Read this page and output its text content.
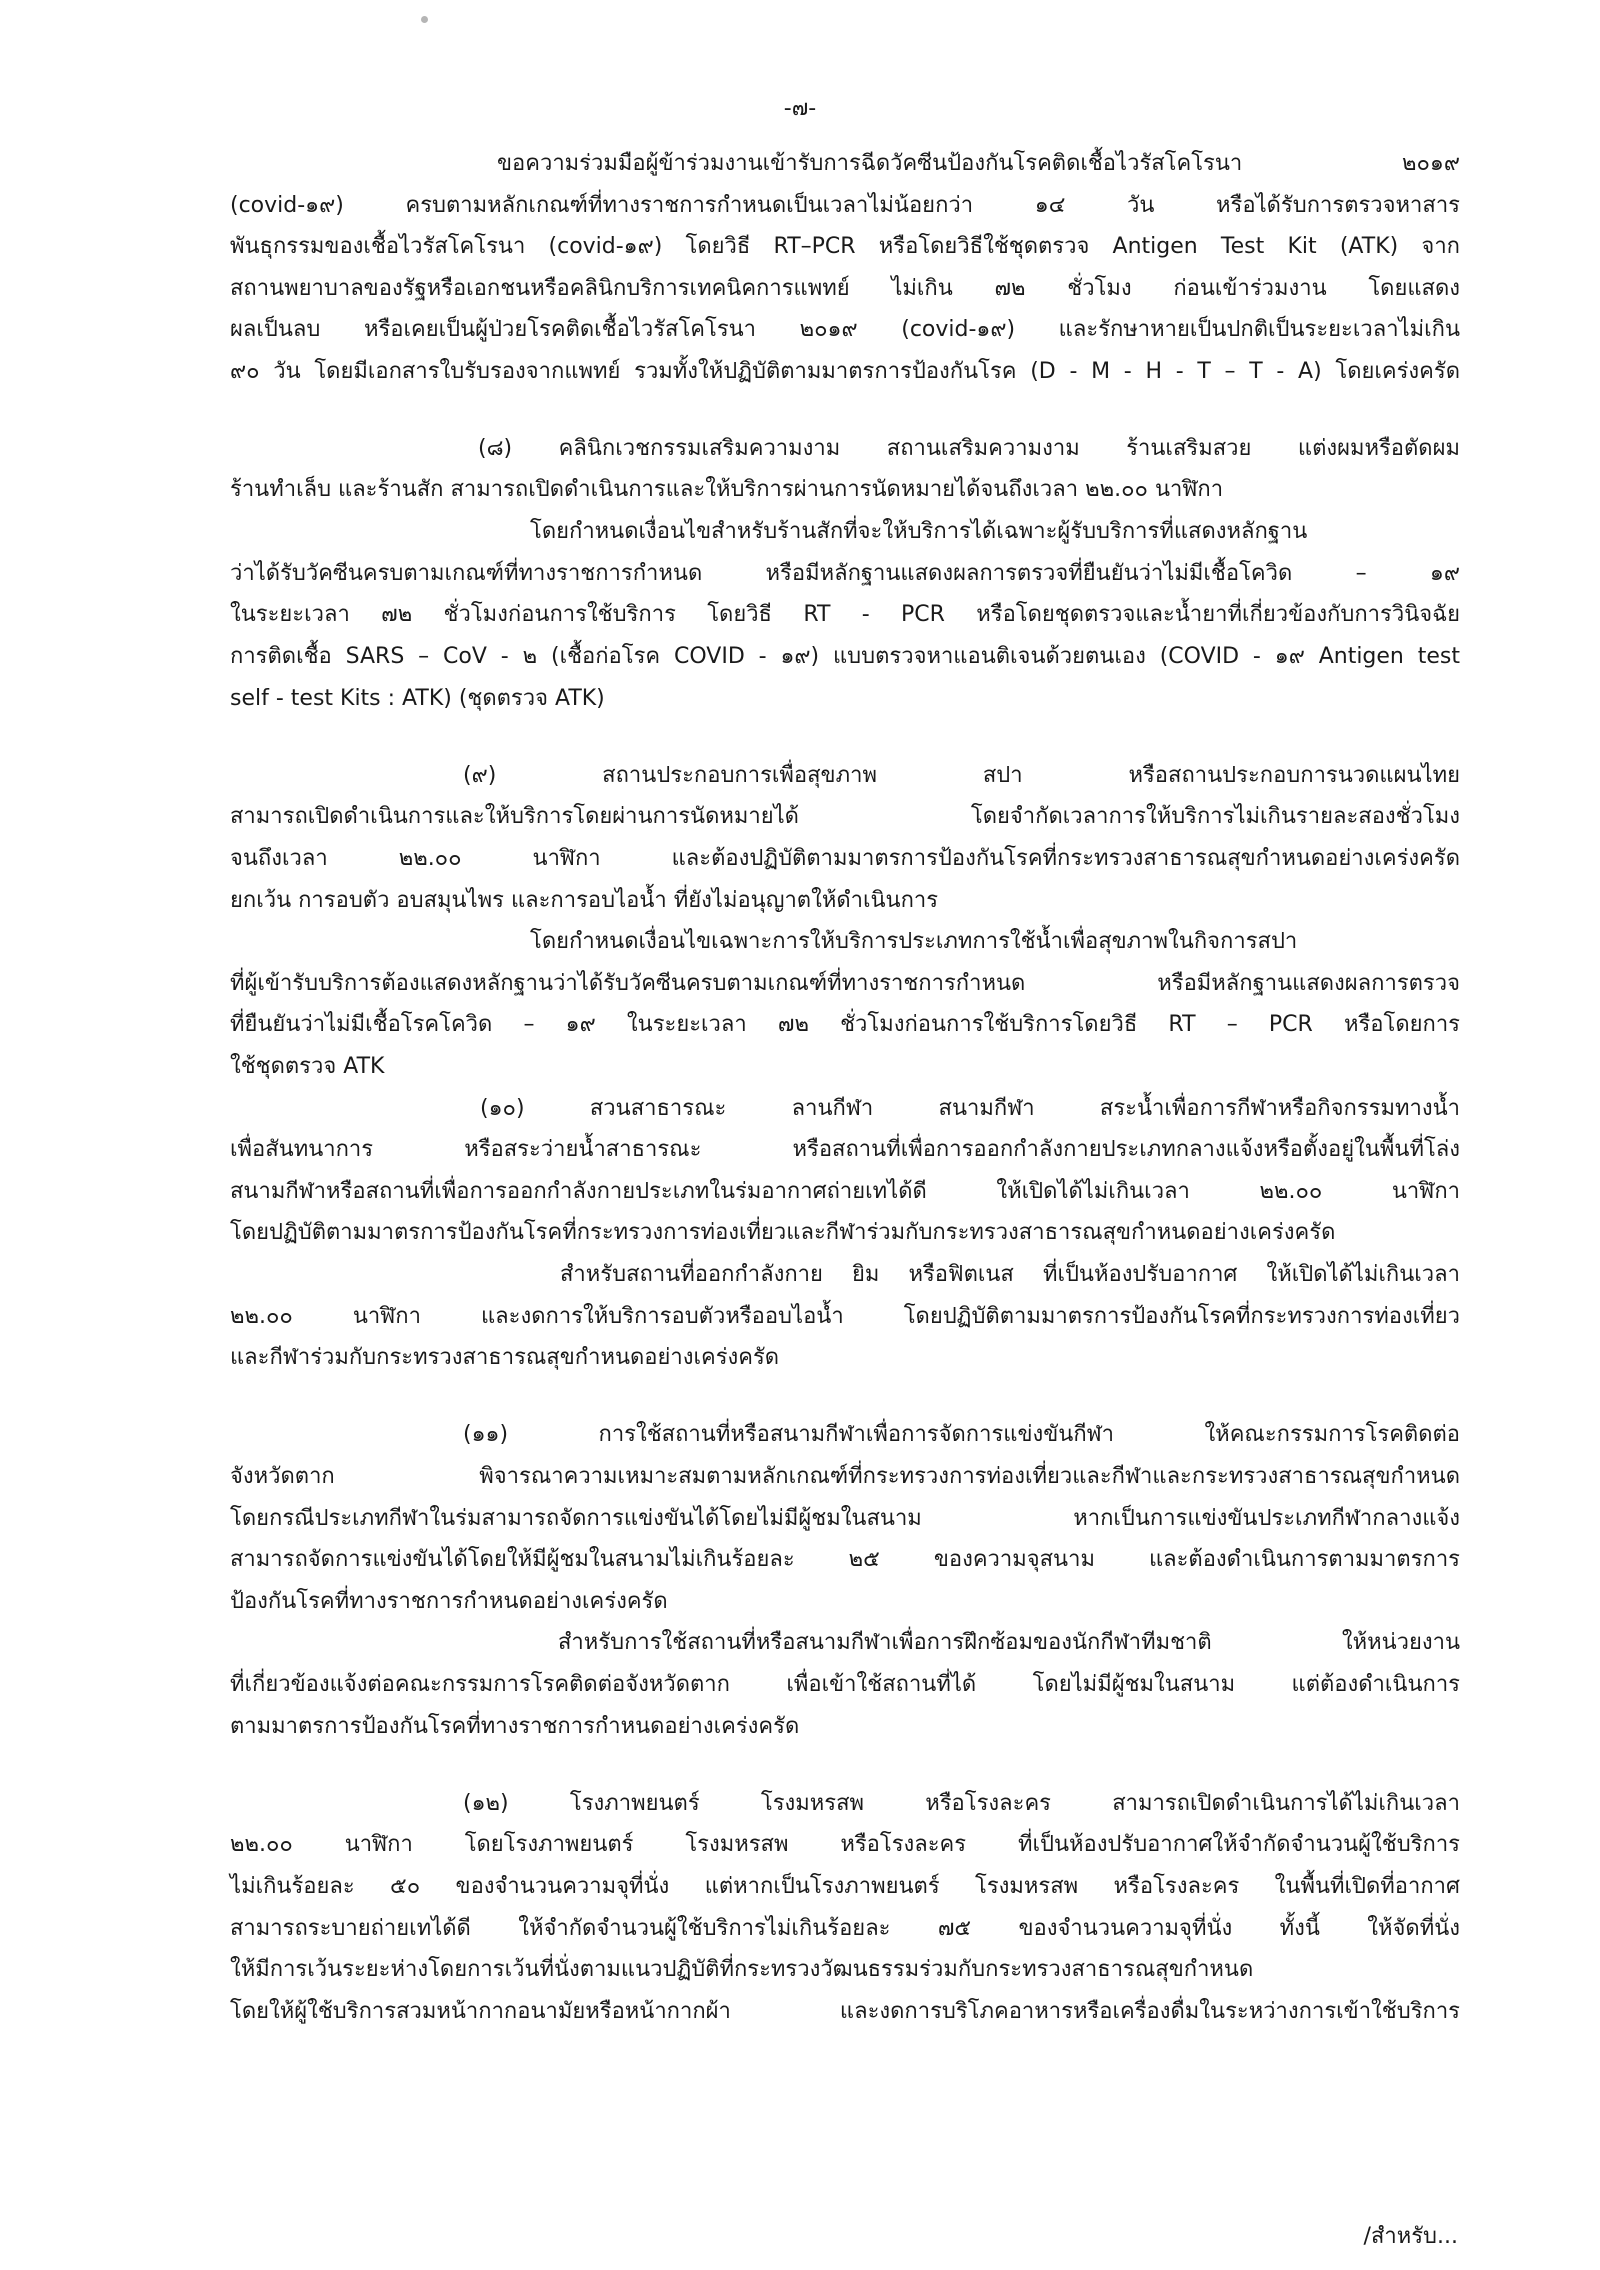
-๗-
ขอความร่วมมือผู้ข้าร่วมงานเข้ารับการฉีดวัคซีนป้องกันโรคติดเชื้อไวรัสโคโรนา ๒๐๑๙
(covid-๑๙) ครบตามหลักเกณฑ์ที่ทางราชการกำหนดเป็นเวลาไม่น้อยกว่า ๑๔ วัน หรือได้รับการตรวจหาสาร
พันธุกรรมของเชื้อไวรัสโคโรนา (covid-๑๙) โดยวิธี RT–PCR หรือโดยวิธีใช้ชุดตรวจ Antigen Test Kit (ATK) จาก
สถานพยาบาลของรัฐหรือเอกชนหรือคลินิกบริการเทคนิคการแพทย์ ไม่เกิน ๗๒ ชั่วโมง ก่อนเข้าร่วมงาน โดยแสดง
ผลเป็นลบ หรือเคยเป็นผู้ป่วยโรคติดเชื้อไวรัสโคโรนา ๒๐๑๙ (covid-๑๙) และรักษาหายเป็นปกติเป็นระยะเวลาไม่เกิน
๙๐ วัน โดยมีเอกสารใบรับรองจากแพทย์ รวมทั้งให้ปฏิบัติตามมาตรการป้องกันโรค (D - M - H - T – T - A) โดยเคร่งครัด
(๘) คลินิกเวชกรรมเสริมความงาม สถานเสริมความงาม ร้านเสริมสวย แต่งผมหรือตัดผม
ร้านทำเล็บ และร้านสัก สามารถเปิดดำเนินการและให้บริการผ่านการนัดหมายได้จนถึงเวลา ๒๒.๐๐ นาฬิกา
โดยกำหนดเงื่อนไขสำหรับร้านสักที่จะให้บริการได้เฉพาะผู้รับบริการที่แสดงหลักฐาน
ว่าได้รับวัคซีนครบตามเกณฑ์ที่ทางราชการกำหนด หรือมีหลักฐานแสดงผลการตรวจที่ยืนยันว่าไม่มีเชื้อโควิด – ๑๙
ในระยะเวลา ๗๒ ชั่วโมงก่อนการใช้บริการ โดยวิธี RT - PCR หรือโดยชุดตรวจและน้ำยาที่เกี่ยวข้องกับการวินิจฉัย
การติดเชื้อ SARS – CoV - ๒ (เชื้อก่อโรค COVID - ๑๙) แบบตรวจหาแอนติเจนด้วยตนเอง (COVID - ๑๙ Antigen test
self - test Kits : ATK) (ชุดตรวจ ATK)
(๙) สถานประกอบการเพื่อสุขภาพ สปา หรือสถานประกอบการนวดแผนไทย
สามารถเปิดดำเนินการและให้บริการโดยผ่านการนัดหมายได้ โดยจำกัดเวลาการให้บริการไม่เกินรายละสองชั่วโมง
จนถึงเวลา ๒๒.๐๐ นาฬิกา และต้องปฏิบัติตามมาตรการป้องกันโรคที่กระทรวงสาธารณสุขกำหนดอย่างเคร่งครัด
ยกเว้น การอบตัว อบสมุนไพร และการอบไอน้ำ ที่ยังไม่อนุญาตให้ดำเนินการ
โดยกำหนดเงื่อนไขเฉพาะการให้บริการประเภทการใช้น้ำเพื่อสุขภาพในกิจการสปา
ที่ผู้เข้ารับบริการต้องแสดงหลักฐานว่าได้รับวัคซีนครบตามเกณฑ์ที่ทางราชการกำหนด หรือมีหลักฐานแสดงผลการตรวจ
ที่ยืนยันว่าไม่มีเชื้อโรคโควิด – ๑๙ ในระยะเวลา ๗๒ ชั่วโมงก่อนการใช้บริการโดยวิธี RT – PCR หรือโดยการ
ใช้ชุดตรวจ ATK
(๑๐) สวนสาธารณะ ลานกีฬา สนามกีฬา สระน้ำเพื่อการกีฬาหรือกิจกรรมทางน้ำ
เพื่อสันทนาการ หรือสระว่ายน้ำสาธารณะ หรือสถานที่เพื่อการออกกำลังกายประเภทกลางแจ้งหรือตั้งอยู่ในพื้นที่โล่ง
สนามกีฬาหรือสถานที่เพื่อการออกกำลังกายประเภทในร่มอากาศถ่ายเทได้ดี ให้เปิดได้ไม่เกินเวลา ๒๒.๐๐ นาฬิกา
โดยปฏิบัติตามมาตรการป้องกันโรคที่กระทรวงการท่องเที่ยวและกีฬาร่วมกับกระทรวงสาธารณสุขกำหนดอย่างเคร่งครัด
สำหรับสถานที่ออกกำลังกาย ยิม หรือฟิตเนส ที่เป็นห้องปรับอากาศ ให้เปิดได้ไม่เกินเวลา
๒๒.๐๐ นาฬิกา และงดการให้บริการอบตัวหรืออบไอน้ำ โดยปฏิบัติตามมาตรการป้องกันโรคที่กระทรวงการท่องเที่ยว
และกีฬาร่วมกับกระทรวงสาธารณสุขกำหนดอย่างเคร่งครัด
(๑๑) การใช้สถานที่หรือสนามกีฬาเพื่อการจัดการแข่งขันกีฬา ให้คณะกรรมการโรคติดต่อ
จังหวัดตาก พิจารณาความเหมาะสมตามหลักเกณฑ์ที่กระทรวงการท่องเที่ยวและกีฬาและกระทรวงสาธารณสุขกำหนด
โดยกรณีประเภทกีฬาในร่มสามารถจัดการแข่งขันได้โดยไม่มีผู้ชมในสนาม หากเป็นการแข่งขันประเภทกีฬากลางแจ้ง
สามารถจัดการแข่งขันได้โดยให้มีผู้ชมในสนามไม่เกินร้อยละ ๒๕ ของความจุสนาม และต้องดำเนินการตามมาตรการ
ป้องกันโรคที่ทางราชการกำหนดอย่างเคร่งครัด
สำหรับการใช้สถานที่หรือสนามกีฬาเพื่อการฝึกซ้อมของนักกีฬาทีมชาติ ให้หน่วยงาน
ที่เกี่ยวข้องแจ้งต่อคณะกรรมการโรคติดต่อจังหวัดตาก เพื่อเข้าใช้สถานที่ได้ โดยไม่มีผู้ชมในสนาม แต่ต้องดำเนินการ
ตามมาตรการป้องกันโรคที่ทางราชการกำหนดอย่างเคร่งครัด
(๑๒) โรงภาพยนตร์ โรงมหรสพ หรือโรงละคร สามารถเปิดดำเนินการได้ไม่เกินเวลา
๒๒.๐๐ นาฬิกา โดยโรงภาพยนตร์ โรงมหรสพ หรือโรงละคร ที่เป็นห้องปรับอากาศให้จำกัดจำนวนผู้ใช้บริการ
ไม่เกินร้อยละ ๕๐ ของจำนวนความจุที่นั่ง แต่หากเป็นโรงภาพยนตร์ โรงมหรสพ หรือโรงละคร ในพื้นที่เปิดที่อากาศ
สามารถระบายถ่ายเทได้ดี ให้จำกัดจำนวนผู้ใช้บริการไม่เกินร้อยละ ๗๕ ของจำนวนความจุที่นั่ง ทั้งนี้ ให้จัดที่นั่ง
ให้มีการเว้นระยะห่างโดยการเว้นที่นั่งตามแนวปฏิบัติที่กระทรวงวัฒนธรรมร่วมกับกระทรวงสาธารณสุขกำหนด
โดยให้ผู้ใช้บริการสวมหน้ากากอนามัยหรือหน้ากากผ้า และงดการบริโภคอาหารหรือเครื่องดื่มในระหว่างการเข้าใช้บริการ
/สำหรับ...
